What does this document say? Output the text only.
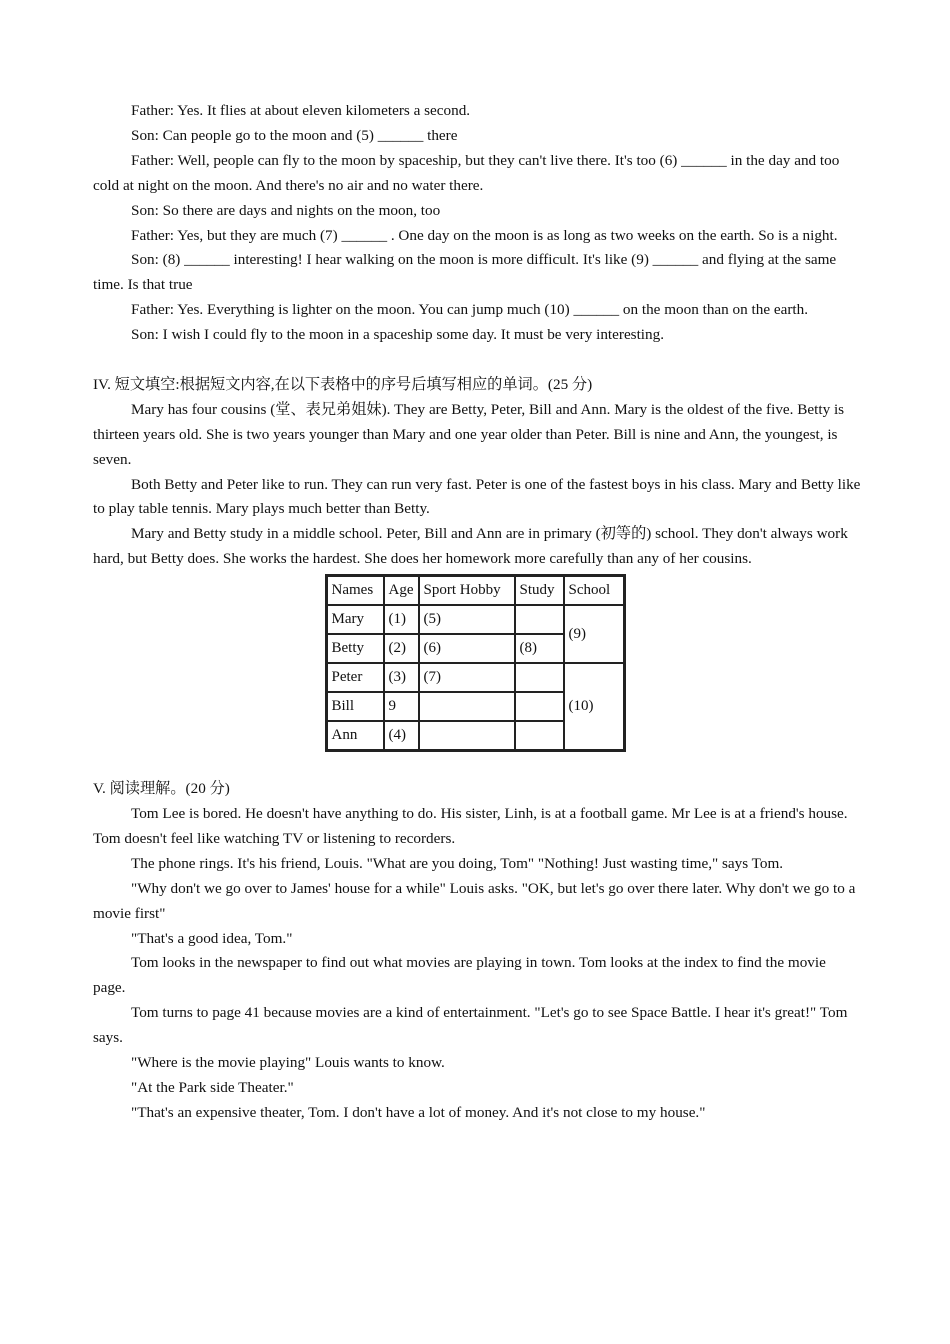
Father: Yes. It flies at about eleven kilometers a second.

Son: Can people go to the moon and (5) ______ there

Father: Well, people can fly to the moon by spaceship, but they can't live there. It's too (6) ______ in the day and too cold at night on the moon. And there's no air and no water there.

Son: So there are days and nights on the moon, too

Father: Yes, but they are much (7) ______ . One day on the moon is as long as two weeks on the earth. So is a night.

Son: (8) ______ interesting! I hear walking on the moon is more difficult. It's like (9) ______ and flying at the same time. Is that true

Father: Yes. Everything is lighter on the moon. You can jump much (10) ______ on the moon than on the earth.

Son: I wish I could fly to the moon in a spaceship some day. It must be very interesting.

IV. 短文填空:根据短文内容,在以下表格中的序号后填写相应的单词。(25 分)

Mary has four cousins (堂、表兄弟姐妹). They are Betty, Peter, Bill and Ann. Mary is the oldest of the five. Betty is thirteen years old. She is two years younger than Mary and one year older than Peter. Bill is nine and Ann, the youngest, is seven.

Both Betty and Peter like to run. They can run very fast. Peter is one of the fastest boys in his class. Mary and Betty like to play table tennis. Mary plays much better than Betty.

Mary and Betty study in a middle school. Peter, Bill and Ann are in primary (初等的) school. They don't always work hard, but Betty does. She works the hardest. She does her homework more carefully than any of her cousins.

Names	Age	Sport Hobby	Study	School
Mary	(1)	(5)		(9)
Betty	(2)	(6)	(8)	
Peter	(3)	(7)		(10)
Bill	9			
Ann	(4)			

V. 阅读理解。(20 分)

Tom Lee is bored. He doesn't have anything to do. His sister, Linh, is at a football game. Mr Lee is at a friend's house. Tom doesn't feel like watching TV or listening to recorders.

The phone rings. It's his friend, Louis. "What are you doing, Tom" "Nothing! Just wasting time," says Tom.

"Why don't we go over to James' house for a while" Louis asks. "OK, but let's go over there later. Why don't we go to a movie first"

"That's a good idea, Tom."

Tom looks in the newspaper to find out what movies are playing in town. Tom looks at the index to find the movie page.

Tom turns to page 41 because movies are a kind of entertainment. "Let's go to see Space Battle. I hear it's great!" Tom says.

"Where is the movie playing" Louis wants to know.

"At the Park side Theater."

"That's an expensive theater, Tom. I don't have a lot of money. And it's not close to my house."
